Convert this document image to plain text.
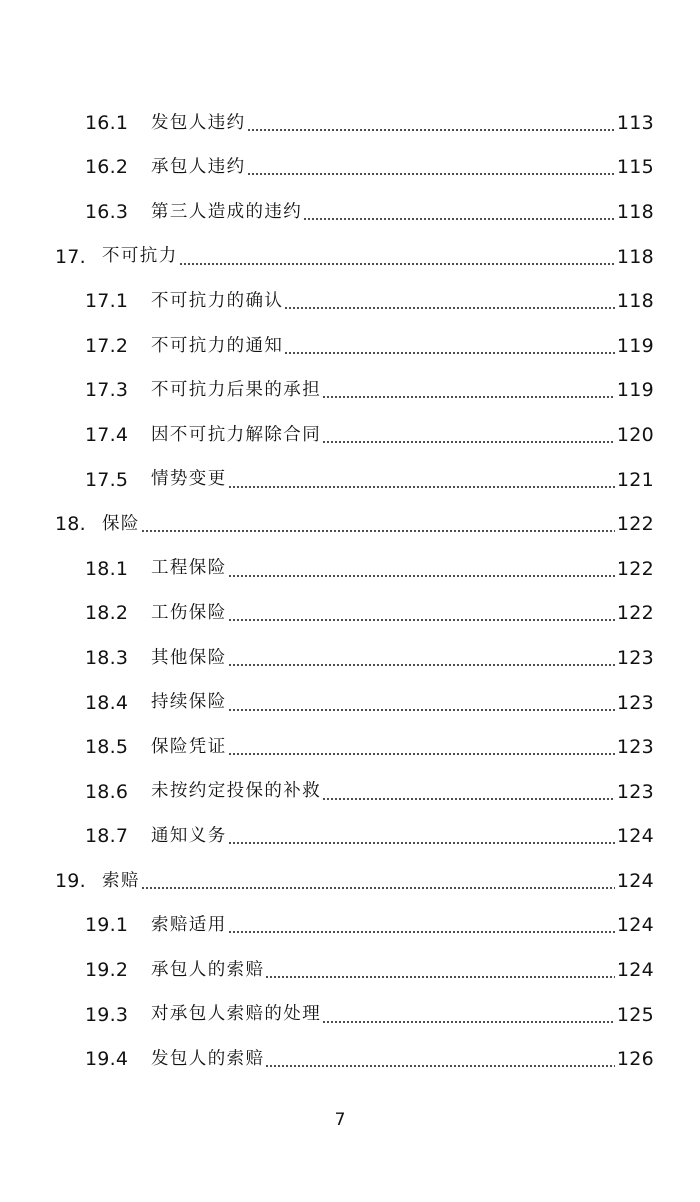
16.1	发包人违约	113
16.2	承包人违约	115
16.3	第三人造成的违约	118
17. 不可抗力	118
17.1	不可抗力的确认	118
17.2	不可抗力的通知	119
17.3	不可抗力后果的承担	119
17.4	因不可抗力解除合同	120
17.5	情势变更	121
18. 保险	122
18.1	工程保险	122
18.2	工伤保险	122
18.3	其他保险	123
18.4	持续保险	123
18.5	保险凭证	123
18.6	未按约定投保的补救	123
18.7	通知义务	124
19. 索赔	124
19.1	索赔适用	124
19.2	承包人的索赔	124
19.3	对承包人索赔的处理	125
19.4	发包人的索赔	126
7
